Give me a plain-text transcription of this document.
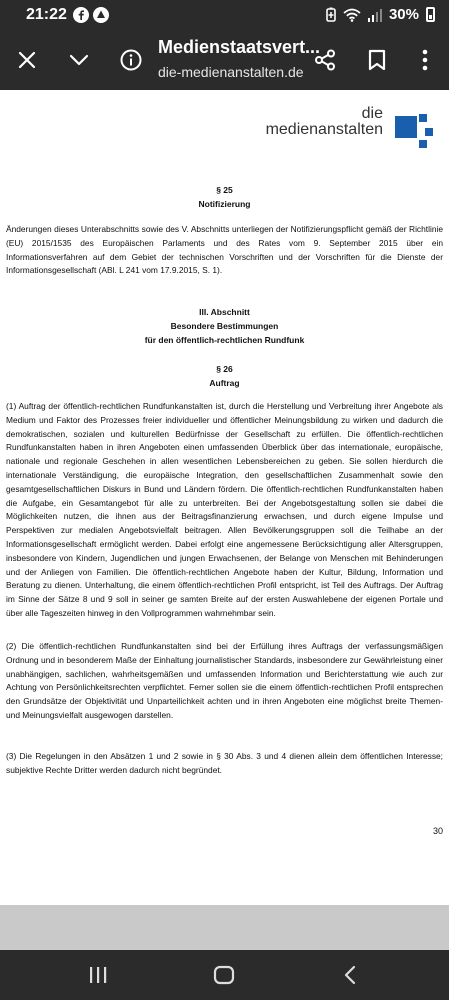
21:22	30%
Medienstaatsvert...
die-medienanstalten.de
die
medienanstalten
§ 25
Notifizierung

Änderungen dieses Unterabschnitts sowie des V. Abschnitts unterliegen der Notifizierungspflicht gemäß der Richtlinie (EU) 2015/1535 des Europäischen Parlaments und des Rates vom 9. September 2015 über ein Informationsverfahren auf dem Gebiet der technischen Vorschriften und der Vorschriften für die Dienste der Informationsgesellschaft (ABl. L 241 vom 17.9.2015, S. 1).

III. Abschnitt
Besondere Bestimmungen
für den öffentlich-rechtlichen Rundfunk
§ 26
Auftrag

(1) Auftrag der öffentlich-rechtlichen Rundfunkanstalten ist, durch die Herstellung und Verbreitung ihrer Angebote als Medium und Faktor des Prozesses freier individueller und öffentlicher Meinungsbildung zu wirken und dadurch die demokratischen, sozialen und kulturellen Bedürfnisse der Gesellschaft zu erfüllen. Die öffentlich-rechtlichen Rundfunkanstalten haben in ihren Angeboten einen umfassenden Überblick über das internationale, europäische, nationale und regionale Geschehen in allen wesentlichen Lebensbereichen zu geben. Sie sollen hierdurch die internationale Verständigung, die europäische Integration, den gesellschaftlichen Zusammenhalt sowie den gesamtgesellschaftlichen Diskurs in Bund und Ländern fördern. Die öffentlich-rechtlichen Rundfunkanstalten haben die Aufgabe, ein Gesamtangebot für alle zu unterbreiten. Bei der Angebotsgestaltung sollen sie dabei die Möglichkeiten nutzen, die ihnen aus der Beitragsfinanzierung erwachsen, und durch eigene Impulse und Perspektiven zur medialen Angebotsvielfalt beitragen. Allen Bevölkerungsgruppen soll die Teilhabe an der Informationsgesellschaft ermöglicht werden. Dabei erfolgt eine angemessene Berücksichtigung aller Altersgruppen, insbesondere von Kindern, Jugendlichen und jungen Erwachsenen, der Belange von Menschen mit Behinderungen und der Anliegen von Familien. Die öffentlich-rechtlichen Angebote haben der Kultur, Bildung, Information und Beratung zu dienen. Unterhaltung, die einem öffentlich-rechtlichen Profil entspricht, ist Teil des Auftrags. Der Auftrag im Sinne der Sätze 8 und 9 soll in seiner ge samten Breite auf der ersten Auswahlebene der eigenen Portale und über alle Tageszeiten hinweg in den Vollprogrammen wahrnehmbar sein.

(2) Die öffentlich-rechtlichen Rundfunkanstalten sind bei der Erfüllung ihres Auftrags der verfassungsmäßigen Ordnung und in besonderem Maße der Einhaltung journalistischer Standards, insbesondere zur Gewährleistung einer unabhängigen, sachlichen, wahrheitsgemäßen und umfassenden Information und Berichterstattung wie auch zur Achtung von Persönlichkeitsrechten verpflichtet. Ferner sollen sie die einem öffentlich-rechtlichen Profil entsprechen den Grundsätze der Objektivität und Unparteilichkeit achten und in ihren Angeboten eine möglichst breite Themen- und Meinungsvielfalt ausgewogen darstellen.

(3) Die Regelungen in den Absätzen 1 und 2 sowie in § 30 Abs. 3 und 4 dienen allein dem öffentlichen Interesse; subjektive Rechte Dritter werden dadurch nicht begründet.

30
